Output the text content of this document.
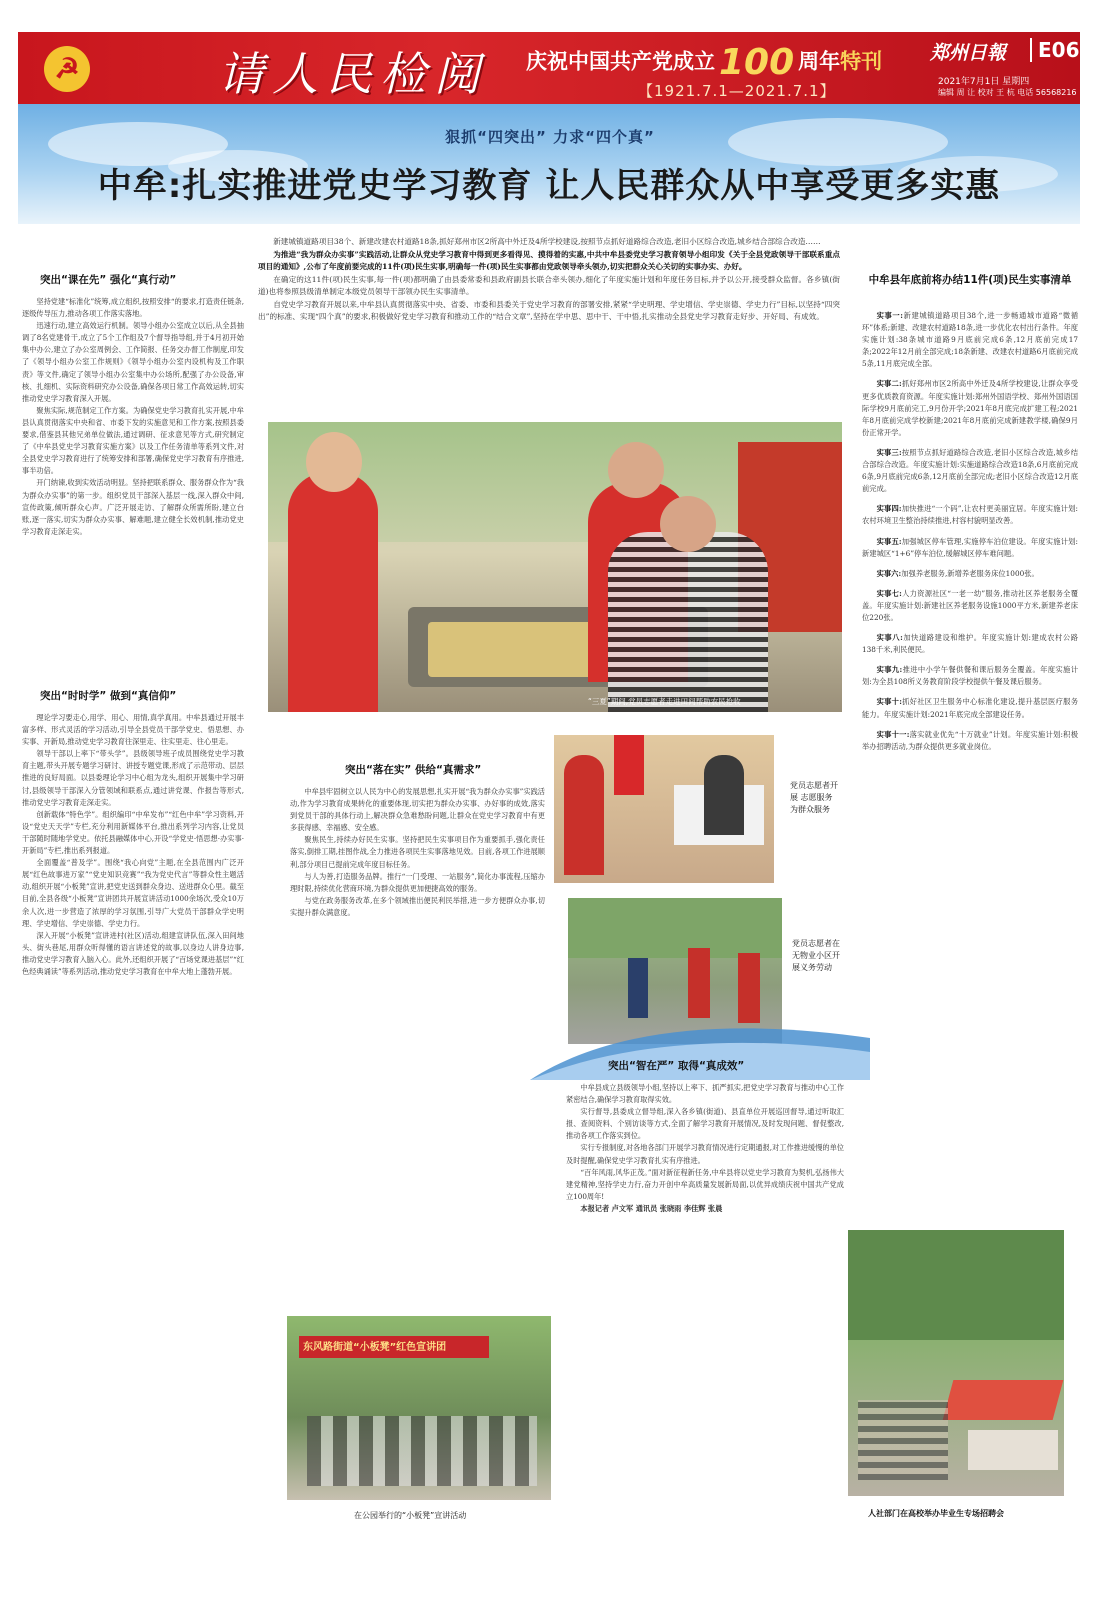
☭	请人民检阅 庆祝中国共产党成立 100 周年特刊
【1921.7.1—2021.7.1】
郑州日報	E06
2021年7月1日 星期四
编辑 周 让 校对 王 杭 电话 56568216
狠抓“四突出” 力求“四个真”
中牟:扎实推进党史学习教育 让人民群众从中享受更多实惠

新建城镇道路项目38个、新建改建农村道路18条,抓好郑州市区2所高中外迁及4所学校建设,按照节点抓好道路综合改造,老旧小区综合改造,城乡结合部综合改造……

为推进“我为群众办实事”实践活动,让群众从党史学习教育中得到更多看得见、摸得着的实惠,中共中牟县委党史学习教育领导小组印发《关于全县党政领导干部联系重点项目的通知》,公布了年度前要完成的11件(项)民生实事,明确每一件(项)民生实事都由党政领导牵头领办,切实把群众关心关切的实事办实、办好。

在确定的这11件(项)民生实事,每一件(项)都明确了由县委常委和县政府副县长联合牵头领办,细化了年度实施计划和年度任务目标,并予以公开,接受群众监督。各乡镇(街道)也将参照县级清单制定本级党员领导干部领办民生实事清单。

自党史学习教育开展以来,中牟县认真贯彻落实中央、省委、市委和县委关于党史学习教育的部署安排,紧紧“学史明理、学史增信、学史崇德、学史力行”目标,以坚持“四突出”的标准、实现“四个真”的要求,积极做好党史学习教育和推动工作的“结合文章”,坚持在学中思、思中干、干中悟,扎实推动全县党史学习教育走好步、开好局、有成效。

突出“课在先” 强化“真行动”

坚持党建“标准化”统筹,成立组织,按照安排“的要求,打造责任链条,逐级传导压力,推动各项工作落实落地。

迅速行动,建立高效运行机制。领导小组办公室成立以后,从全县抽调了8名党建骨干,成立了5个工作组及7个督导指导组,并于4月初开始集中办公,建立了办公室周例会、工作简报、任务交办督工作制度,印发了《领导小组办公室工作规则》《领导小组办公室内设机构及工作职责》等文件,确定了领导小组办公室集中办公场所,配强了办公设备,审核、扎细机、实际资料研究办公设备,确保各项日常工作高效运转,切实推动党史学习教育深入开展。

聚焦实际,规范制定工作方案。为确保党史学习教育扎实开展,中牟县认真贯彻落实中央和省、市委下发的实施意见和工作方案,按照县委要求,借鉴县其他兄弟单位做法,通过调研、征求意见等方式,研究制定了《中牟县党史学习教育实施方案》以及工作任务清单等系列文件,对全县党史学习教育进行了统筹安排和部署,确保党史学习教育有序推进,事半功倍。

开门纳谏,收到实效活动明显。坚持把联系群众、服务群众作为“我为群众办实事”的第一步。组织党员干部深入基层一线,深入群众中间,宣传政策,倾听群众心声。广泛开展走访、了解群众所需所盼,建立台账,逐一落实,切实为群众办实事、解难题,建立健全长效机制,推动党史学习教育走深走实。

突出“时时学” 做到“真信仰”

理论学习要走心,用学、用心、用情,真学真用。中牟县通过开展丰富多样、形式灵活的学习活动,引导全县党员干部学党史、悟思想、办实事、开新局,推动党史学习教育往深里走、往实里走、往心里走。

领导干部以上率下“带头学”。县级领导班子成员围绕党史学习教育主题,带头开展专题学习研讨、讲授专题党课,形成了示范带动、层层推进的良好局面。以县委理论学习中心组为龙头,组织开展集中学习研讨,县级领导干部深入分管领域和联系点,通过讲党课、作报告等形式,推动党史学习教育走深走实。

创新载体“特色学”。组织编印“中牟发布”“红色中牟”学习资料,开设“党史天天学”专栏,充分利用新媒体平台,推出系列学习内容,让党员干部随时随地学党史。依托县融媒体中心,开设“学党史·悟思想·办实事·开新局”专栏,推出系列报道。

全面覆盖“普及学”。围绕“我心向党”主题,在全县范围内广泛开展“红色故事进万家”“党史知识竞赛”“我为党史代言”等群众性主题活动,组织开展“小板凳”宣讲,把党史送到群众身边、送进群众心里。截至目前,全县各级“小板凳”宣讲团共开展宣讲活动1000余场次,受众10万余人次,进一步营造了浓厚的学习氛围,引导广大党员干部群众学史明理、学史增信、学史崇德、学史力行。

深入开展“小板凳”宣讲进村(社区)活动,组建宣讲队伍,深入田间地头、街头巷尾,用群众听得懂的语言讲述党的故事,以身边人讲身边事,推动党史学习教育入脑入心。此外,还组织开展了“百场党课进基层”“红色经典诵读”等系列活动,推动党史学习教育在中牟大地上蓬勃开展。

“三夏”期间,党员志愿者走进田间帮助农民抢收
突出“落在实” 供给“真需求”

中牟县牢固树立以人民为中心的发展思想,扎实开展“我为群众办实事”实践活动,作为学习教育成果转化的重要体现,切实把为群众办实事、办好事的成效,落实到党员干部的具体行动上,解决群众急难愁盼问题,让群众在党史学习教育中有更多获得感、幸福感、安全感。

聚焦民生,持续办好民生实事。坚持把民生实事项目作为重要抓手,强化责任落实,倒排工期,挂图作战,全力推进各项民生实事落地见效。目前,各项工作进展顺利,部分项目已提前完成年度目标任务。

与人为善,打造服务品牌。推行“一门受理、一站服务”,简化办事流程,压缩办理时限,持续优化营商环境,为群众提供更加便捷高效的服务。

与党在政务服务改革,在多个领域推出便民利民举措,进一步方便群众办事,切实提升群众满意度。

党员志愿者开展 志愿服务 为群众服务
党员志愿者在 无物业小区开展义务劳动
突出“智在严” 取得“真成效”

中牟县成立县级领导小组,坚持以上率下、抓严抓实,把党史学习教育与推动中心工作紧密结合,确保学习教育取得实效。

实行督导,县委成立督导组,深入各乡镇(街道)、县直单位开展巡回督导,通过听取汇报、查阅资料、个别访谈等方式,全面了解学习教育开展情况,及时发现问题、督促整改,推动各项工作落实到位。

实行专报制度,对各地各部门开展学习教育情况进行定期通报,对工作推进缓慢的单位及时提醒,确保党史学习教育扎实有序推进。

“百年风雨,风华正茂。”面对新征程新任务,中牟县将以党史学习教育为契机,弘扬伟大建党精神,坚持学史力行,奋力开创中牟高质量发展新局面,以优异成绩庆祝中国共产党成立100周年!

本报记者 卢文军 通讯员 张晓雨 李佳辉 张晨

东风路街道“小板凳”红色宣讲团
在公园举行的“小板凳”宣讲活动
中牟县年底前将办结11件(项)民生实事清单

实事一:新建城镇道路项目38个,进一步畅通城市道路“微循环”体系;新建、改建农村道路18条,进一步优化农村出行条件。年度实施计划:38条城市道路9月底前完成6条,12月底前完成17条;2022年12月前全部完成;18条新建、改建农村道路6月底前完成5条,11月底完成全部。

实事二:抓好郑州市区2所高中外迁及4所学校建设,让群众享受更多优质教育资源。年度实施计划:郑州外国语学校、郑州外国语国际学校9月底前完工,9月份开学;2021年8月底完成扩建工程;2021年8月底前完成学校新建;2021年8月底前完成新建教学楼,确保9月份正常开学。

实事三:按照节点抓好道路综合改造,老旧小区综合改造,城乡结合部综合改造。年度实施计划:实施道路综合改造18条,6月底前完成6条,9月底前完成6条,12月底前全部完成;老旧小区综合改造12月底前完成。

实事四:加快推进“一个码”,让农村更美丽宜居。年度实施计划:农村环境卫生整治持续推进,村容村貌明显改善。

实事五:加强城区停车管理,实施停车泊位建设。年度实施计划:新建城区“1+6”停车泊位,缓解城区停车难问题。

实事六:加强养老服务,新增养老服务床位1000张。

实事七:人力资源社区“一老一幼”服务,推动社区养老服务全覆盖。年度实施计划:新建社区养老服务设施1000平方米,新建养老床位220张。

实事八:加快道路建设和维护。年度实施计划:建成农村公路138千米,利民便民。

实事九:推进中小学午餐供餐和课后服务全覆盖。年度实施计划:为全县108所义务教育阶段学校提供午餐及课后服务。

实事十:抓好社区卫生服务中心标准化建设,提升基层医疗服务能力。年度实施计划:2021年底完成全部建设任务。

实事十一:落实就业优先“十万就业”计划。年度实施计划:积极举办招聘活动,为群众提供更多就业岗位。

人社部门在高校举办毕业生专场招聘会
